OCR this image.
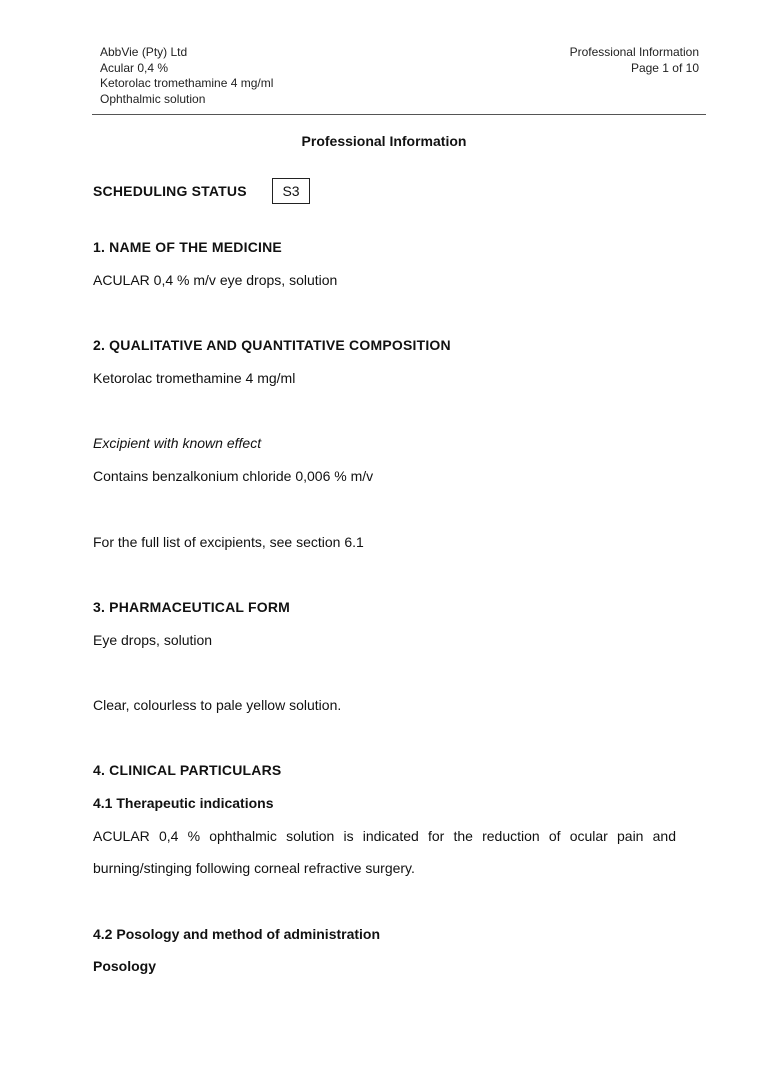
AbbVie (Pty) Ltd
Acular 0,4 %
Ketorolac tromethamine 4 mg/ml
Ophthalmic solution
Professional Information
Page 1 of 10
Professional Information
SCHEDULING STATUS	S3
1. NAME OF THE MEDICINE
ACULAR 0,4 % m/v eye drops, solution
2. QUALITATIVE AND QUANTITATIVE COMPOSITION
Ketorolac tromethamine 4 mg/ml
Excipient with known effect
Contains benzalkonium chloride 0,006 % m/v
For the full list of excipients, see section 6.1
3. PHARMACEUTICAL FORM
Eye drops, solution
Clear, colourless to pale yellow solution.
4. CLINICAL PARTICULARS
4.1 Therapeutic indications
ACULAR 0,4 % ophthalmic solution is indicated for the reduction of ocular pain and
burning/stinging following corneal refractive surgery.
4.2 Posology and method of administration
Posology
